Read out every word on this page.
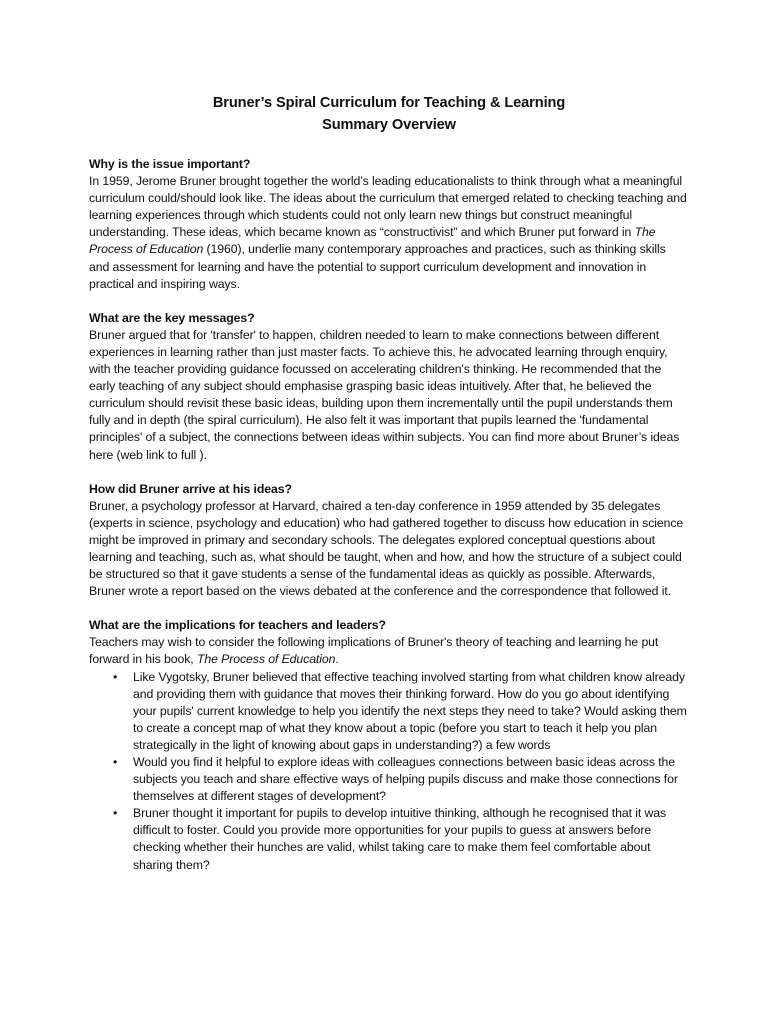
Bruner’s Spiral Curriculum for Teaching & Learning
Summary Overview

Why is the issue important?

In 1959, Jerome Bruner brought together the world’s leading educationalists to think through what a meaningful curriculum could/should look like. The ideas about the curriculum that emerged related to checking teaching and learning experiences through which students could not only learn new things but construct meaningful understanding. These ideas, which became known as “constructivist” and which Bruner put forward in The Process of Education (1960), underlie many contemporary approaches and practices, such as thinking skills and assessment for learning and have the potential to support curriculum development and innovation in practical and inspiring ways.

What are the key messages?

Bruner argued that for 'transfer' to happen, children needed to learn to make connections between different experiences in learning rather than just master facts. To achieve this, he advocated learning through enquiry, with the teacher providing guidance focussed on accelerating children's thinking. He recommended that the early teaching of any subject should emphasise grasping basic ideas intuitively. After that, he believed the curriculum should revisit these basic ideas, building upon them incrementally until the pupil understands them fully and in depth (the spiral curriculum). He also felt it was important that pupils learned the 'fundamental principles' of a subject, the connections between ideas within subjects. You can find more about Bruner’s ideas here (web link to full ).

How did Bruner arrive at his ideas?

Bruner, a psychology professor at Harvard, chaired a ten-day conference in 1959 attended by 35 delegates (experts in science, psychology and education) who had gathered together to discuss how education in science might be improved in primary and secondary schools. The delegates explored conceptual questions about learning and teaching, such as, what should be taught, when and how, and how the structure of a subject could be structured so that it gave students a sense of the fundamental ideas as quickly as possible. Afterwards, Bruner wrote a report based on the views debated at the conference and the correspondence that followed it.

What are the implications for teachers and leaders?

Teachers may wish to consider the following implications of Bruner's theory of teaching and learning he put forward in his book, The Process of Education.

• Like Vygotsky, Bruner believed that effective teaching involved starting from what children know already and providing them with guidance that moves their thinking forward. How do you go about identifying your pupils' current knowledge to help you identify the next steps they need to take? Would asking them to create a concept map of what they know about a topic (before you start to teach it help you plan strategically in the light of knowing about gaps in understanding?) a few words
• Would you find it helpful to explore ideas with colleagues connections between basic ideas across the subjects you teach and share effective ways of helping pupils discuss and make those connections for themselves at different stages of development?
• Bruner thought it important for pupils to develop intuitive thinking, although he recognised that it was difficult to foster. Could you provide more opportunities for your pupils to guess at answers before checking whether their hunches are valid, whilst taking care to make them feel comfortable about sharing them?
